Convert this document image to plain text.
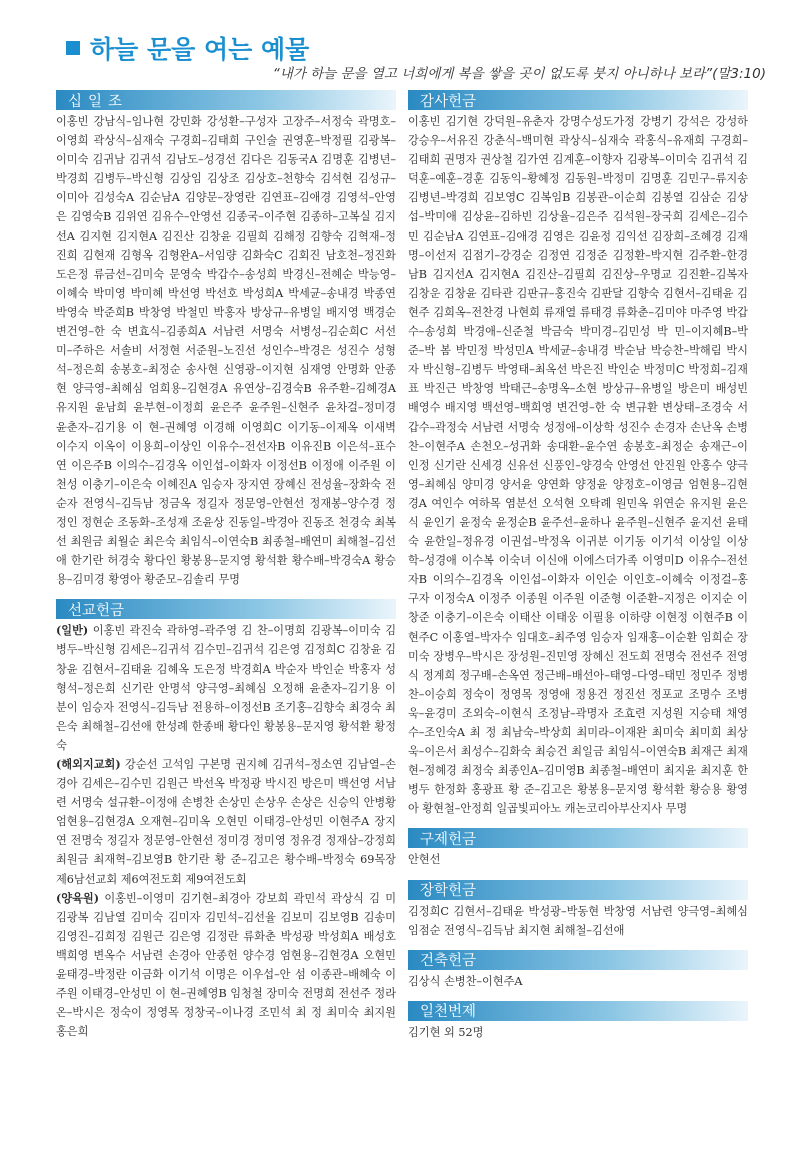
하늘 문을 여는 예물
“내가 하늘 문을 열고 너희에게 복을 쌓을 곳이 없도록 붓지 아니하나 보라”(말3:10)
십일조
이홍빈 강남식–임나현 강민화 강성환–구성자 고장주–서정숙 곽명호–이영희 곽상식–심재숙 구경희–김태희 구인술 권영훈–박정필 김광복–이미숙 김귀남 김귀석 김남도–성경선 김다은 김동국A 김명훈 김병년–박경희 김병두–박신형 김상임 김상조 김상호–천향숙 김석현 김성규–이미아 김성숙A 김순남A 김양문–장영란 김연표–김애경 김영석–안영은 김영숙B 김위연 김유수–안영선 김종국–이주현 김종하–고복실 김지선A 김지현 김지현A 김진산 김창윤 김필희 김해정 김향숙 김혁재–정진희 김현재 김형옥 김형완A–서임량 김화숙C 김회진 남호천–정진화 도은정 류금선–김미숙 문영숙 박갑수–송성희 박경신–전혜순 박능영–이혜숙 박미영 박미혜 박선영 박선호 박성희A 박세균–송내경 박종연 박영숙 박준희B 박창영 박철민 박홍자 방상규–유병일 배지영 백경순 변건영–한 숙 변효식–김종희A 서남련 서명숙 서병성–김순희C 서선미–주하은 서솔비 서정현 서준원–노진선 성인수–박경은 성진수 성형석–정은희 송봉호–최정순 송사현 신영광–이지현 심재영 안명화 안종현 양극영–최혜심 엄희용–김현경A 유연상–김경숙B 유주환–김혜경A 유지원 윤남희 윤부현–이정희 윤은주 윤주원–신현주 윤차걸–정미경 윤춘자–김기용 이 현–권혜영 이경해 이영희C 이기동–이제옥 이새벽 이수지 이옥이 이용희–이상인 이유수–전선자B 이유진B 이은석–표수연 이은주B 이의수–김경옥 이인섭–이화자 이정선B 이정애 이주원 이천성 이충기–이은숙 이혜진A 임승자 장지연 장혜신 전성율–장화숙 전순자 전영식–김득남 정금옥 정길자 정문영–안현선 정재봉–양수경 정정인 정현순 조동화–조성재 조윤상 진동일–박경아 진동조 천경숙 최복선 최원금 최월순 최은숙 최임식–이연숙B 최종철–배연미 최해철–김선애 한기란 허경숙 황다인 황봉용–문지영 황석환 황수배–박경숙A 황승용–김미경 황영아 황준모–김솔리 무명
선교헌금

(일반) 이홍빈 곽진숙 곽하영–곽주영 김 찬–이명희 김광복–이미숙 김병두–박신형 김세은–김귀석 김수민–김귀석 김은영 김정희C 김창윤 김창윤 김현서–김태윤 김혜옥 도은정 박경희A 박순자 박인순 박홍자 성형석–정은희 신기란 안명석 양극영–최혜심 오정해 윤춘자–김기용 이분이 임승자 전영식–김득남 전용하–이정선B 조기홍–김향숙 최경숙 최은숙 최해철–김선애 한성례 한종배 황다인 황봉용–문지영 황석환 황정숙

(해외지교회) 강순선 고석임 구본명 권지혜 김귀석–정소연 김남열–손경아 김세은–김수민 김원근 박선옥 박정광 박시진 방은미 백선영 서남련 서명숙 설규환–이정애 손병찬 손상민 손상우 손상은 신승익 안병황 엄현용–김현경A 오재현–김미옥 오현민 이태경–안성민 이현주A 장지연 전명숙 정길자 정문영–안현선 정미경 정미영 정유경 정재삼–강정희 최원금 최재혁–김보영B 한기란 황 준–김고은 황수배–박정숙 69목장 제6남선교회 제6여전도회 제9여전도회

(양육원) 이홍빈–이영미 김기현–최경아 강보희 곽민석 곽상식 김 미 김광복 김남열 김미숙 김미자 김민석–김선율 김보미 김보영B 김송미 김영진–김희정 김원근 김은영 김정란 류화춘 박성광 박성희A 배성호 백희영 변옥수 서남련 손경아 안종헌 양수경 엄현용–김현경A 오현민 윤태경–박정란 이금화 이기석 이명은 이우섭–안 섬 이종관–배혜숙 이주원 이태경–안성민 이 현–권혜영B 임청철 장미숙 전명희 전선주 정라온–박시은 정숙이 정영목 정창국–이나경 조민석 최 정 최미숙 최지원 홍은희

감사헌금
이홍빈 김기현 강덕원–유춘자 강명수성도가정 강병기 강석은 강성하 강승우–서유진 강춘식–백미현 곽상식–심재숙 곽홍식–유재희 구경희–김태희 권명자 권상철 김가연 김계훈–이향자 김광복–이미숙 김귀석 김덕훈–예훈–경훈 김동익–황혜정 김동원–박정미 김명훈 김민구–류지송 김병년–박경희 김보영C 김복임B 김봉관–이순희 김봉열 김삼순 김상섭–박미애 김상윤–김하빈 김상율–김은주 김석원–장국희 김세은–김수민 김순남A 김연표–김애경 김영은 김윤정 김익선 김장희–조혜경 김재명–이선저 김점기–강경순 김정연 김정준 김정환–박지현 김주환–한경남B 김지선A 김지현A 김진산–김필희 김진상–우명교 김진환–김복자 김창운 김창윤 김타관 김판규–홍진숙 김판달 김향숙 김현서–김태윤 김현주 김희옥–전찬경 나현희 류재열 류태경 류화춘–김미야 마주영 박갑수–송성희 박경애–신준철 박금숙 박미경–김민성 박 민–이지혜B–박 준–박 봄 박민정 박성민A 박세균–송내경 박순남 박승찬–박해림 박시자 박신형–김병두 박영태–최옥선 박은진 박인순 박정미C 박정희–김재표 박진근 박창영 박태근–송명옥–소현 방상규–유병일 방은미 배성빈 배영수 배지영 백선영–백희영 변건영–한 숙 변규환 변상태–조경숙 서갑수–곽정숙 서남련 서명숙 성정애–이상학 성진수 손경자 손난옥 손병찬–이현주A 손천오–성귀화 송대환–윤수연 송봉호–최정순 송재근–이인정 신기란 신세경 신유선 신풍인–양경숙 안영선 안진원 안홍수 양극영–최혜심 양미경 양서윤 양연화 양정윤 양정호–이영금 엄현용–김현경A 여인수 여하목 염분선 오석현 오탁례 원민옥 위연순 유지원 윤은식 윤인기 윤정숙 윤정순B 윤주선–윤하나 윤주원–신현주 윤지선 윤태숙 윤한일–정유경 이권섭–박정옥 이귀분 이기동 이기석 이상일 이상학–성경애 이수복 이숙녀 이신애 이에스더가족 이영미D 이유수–전선자B 이의수–김경옥 이인섭–이화자 이인순 이인호–이혜숙 이정걸–홍구자 이정숙A 이정주 이종원 이주원 이준형 이준환–지정은 이지순 이창준 이충기–이은숙 이태산 이태웅 이필용 이하량 이현정 이현주B 이현주C 이홍열–박자수 임대호–최주영 임승자 임재홍–이순환 임희순 장미숙 장병우–박시은 장성원–진민영 장혜신 전도희 전명숙 전선주 전영식 정계희 정구배–손옥연 정근배–배선아–태영–다영–태민 정민주 정병찬–이승희 정숙이 정영목 정영애 정용건 정진선 정포교 조명수 조병욱–윤경미 조외숙–이현식 조정남–곽명자 조효련 지성원 지승태 채영수–조인숙A 최 정 최남숙–박상희 최미라–이재완 최미숙 최미희 최상욱–이은서 최성수–김화숙 최승건 최일금 최임식–이연숙B 최재근 최재현–정혜경 최정숙 최종인A–김미영B 최종철–배연미 최지윤 최지훈 한병두 한정화 홍광표 황 준–김고은 황봉용–문지영 황석환 황승용 황영아 황현철–안정희 일곱빛피아노 캐논코리아부산지사 무명
구제헌금
안현선
장학헌금
김정희C 김현서–김태윤 박성광–박동현 박창영 서남련 양극영–최혜심 임점순 전영식–김득남 최지현 최해철–김선애
건축헌금
김상식 손병찬–이현주A
일천번제
김기현 외 52명
